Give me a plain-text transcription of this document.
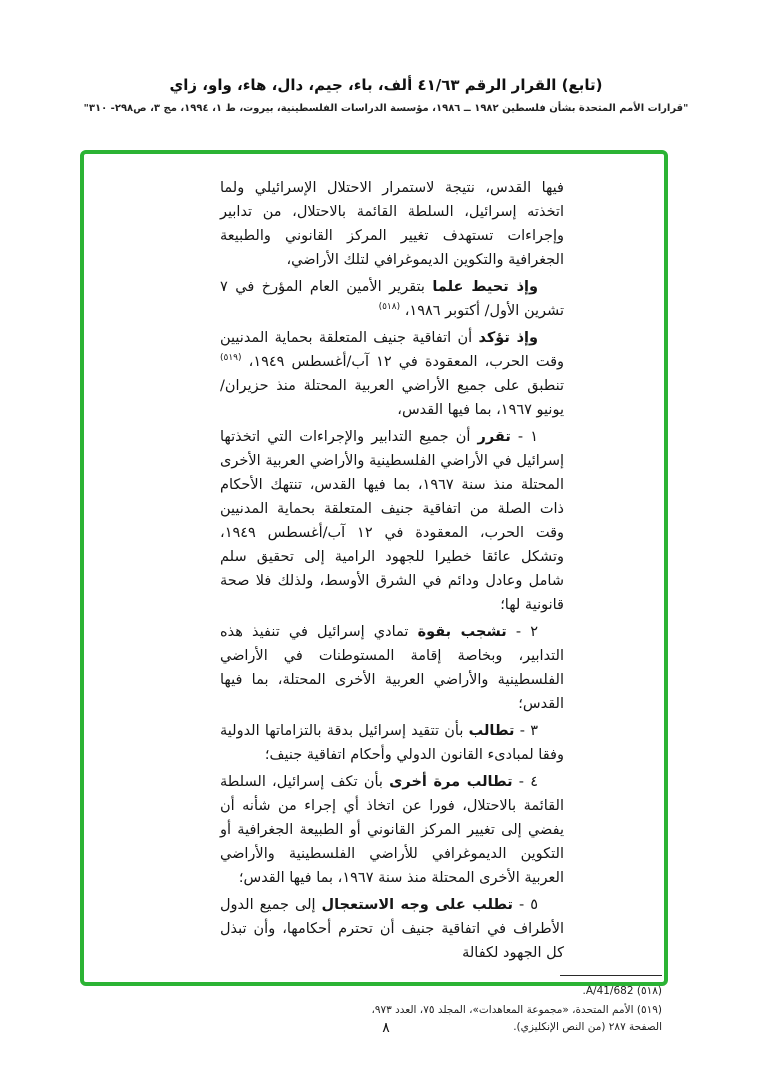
(تابع) القرار الرقم ٤١/٦٣ ألف، باء، جيم، دال، هاء، واو، زاي
"قرارات الأمم المتحدة بشأن فلسطين ١٩٨٢ ــ ١٩٨٦، مؤسسة الدراسات الفلسطينية، بيروت، ط ١، ١٩٩٤، مج ٣، ص٢٩٨- ٣١٠"

فيها القدس، نتيجة لاستمرار الاحتلال الإسرائيلي ولما اتخذته إسرائيل، السلطة القائمة بالاحتلال، من تدابير وإجراءات تستهدف تغيير المركز القانوني والطبيعة الجغرافية والتكوين الديموغرافي لتلك الأراضي،

وإذ تحيط علما بتقرير الأمين العام المؤرخ في ٧ تشرين الأول/ أكتوبر ١٩٨٦، $^{(٥١٨)}$

وإذ تؤكد أن اتفاقية جنيف المتعلقة بحماية المدنيين وقت الحرب، المعقودة في ١٢ آب/أغسطس ١٩٤٩، $^{(٥١٩)}$ تنطبق على جميع الأراضي العربية المحتلة منذ حزيران/يونيو ١٩٦٧، بما فيها القدس،

١ - تقرر أن جميع التدابير والإجراءات التي اتخذتها إسرائيل في الأراضي الفلسطينية والأراضي العربية الأخرى المحتلة منذ سنة ١٩٦٧، بما فيها القدس، تنتهك الأحكام ذات الصلة من اتفاقية جنيف المتعلقة بحماية المدنيين وقت الحرب، المعقودة في ١٢ آب/أغسطس ١٩٤٩، وتشكل عائقا خطيرا للجهود الرامية إلى تحقيق سلم شامل وعادل ودائم في الشرق الأوسط، ولذلك فلا صحة قانونية لها؛

٢ - تشجب بقوة تمادي إسرائيل في تنفيذ هذه التدابير، وبخاصة إقامة المستوطنات في الأراضي الفلسطينية والأراضي العربية الأخرى المحتلة، بما فيها القدس؛

٣ - تطالب بأن تتقيد إسرائيل بدقة بالتزاماتها الدولية وفقا لمبادىء القانون الدولي وأحكام اتفاقية جنيف؛

٤ - تطالب مرة أخرى بأن تكف إسرائيل، السلطة القائمة بالاحتلال، فورا عن اتخاذ أي إجراء من شأنه أن يفضي إلى تغيير المركز القانوني أو الطبيعة الجغرافية أو التكوين الديموغرافي للأراضي الفلسطينية والأراضي العربية الأخرى المحتلة منذ سنة ١٩٦٧، بما فيها القدس؛

٥ - تطلب على وجه الاستعجال إلى جميع الدول الأطراف في اتفاقية جنيف أن تحترم أحكامها، وأن تبذل كل الجهود لكفالة

(٥١٨) A/41/682.

(٥١٩) الأمم المتحدة، «مجموعة المعاهدات»، المجلد ٧٥، العدد ٩٧٣، الصفحة ٢٨٧ (من النص الإنكليزي).

٨
